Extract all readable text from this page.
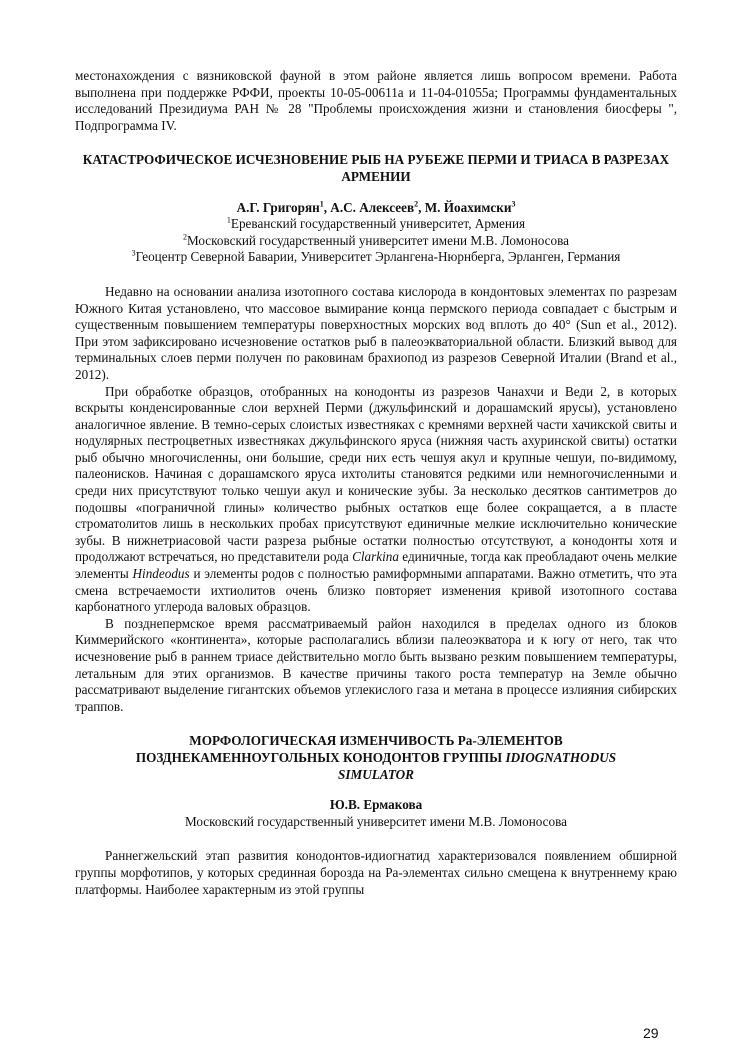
местонахождения с вязниковской фауной в этом районе является лишь вопросом времени. Работа выполнена при поддержке РФФИ, проекты 10-05-00611а и 11-04-01055а; Программы фундаментальных исследований Президиума РАН № 28 "Проблемы происхождения жизни и становления биосферы ", Подпрограмма IV.

КАТАСТРОФИЧЕСКОЕ ИСЧЕЗНОВЕНИЕ РЫБ НА РУБЕЖЕ ПЕРМИ И ТРИАСА В РАЗРЕЗАХ АРМЕНИИ

А.Г. Григорян$^1$, А.С. Алексеев$^2$, М. Йоахимски$^3$

$^1$Ереванский государственный университет, Армения

$^2$Московский государственный университет имени М.В. Ломоносова

$^3$Геоцентр Северной Баварии, Университет Эрлангена-Нюрнберга, Эрланген, Германия

Недавно на основании анализа изотопного состава кислорода в кондонтовых элементах по разрезам Южного Китая установлено, что массовое вымирание конца пермского периода совпадает с быстрым и существенным повышением температуры поверхностных морских вод вплоть до 40° (Sun et al., 2012). При этом зафиксировано исчезновение остатков рыб в палеоэкваториальной области. Близкий вывод для терминальных слоев перми получен по раковинам брахиопод из разрезов Северной Италии (Brand et al., 2012).

При обработке образцов, отобранных на конодонты из разрезов Чанахчи и Веди 2, в которых вскрыты конденсированные слои верхней Перми (джульфинский и дорашамский ярусы), установлено аналогичное явление. В темно-серых слоистых известняках с кремнями верхней части хачикской свиты и нодулярных пестроцветных известняках джульфинского яруса (нижняя часть ахуринской свиты) остатки рыб обычно многочисленны, они большие, среди них есть чешуя акул и крупные чешуи, по-видимому, палеонисков. Начиная с дорашамского яруса ихтолиты становятся редкими или немногочисленными и среди них присутствуют только чешуи акул и конические зубы. За несколько десятков сантиметров до подошвы «пограничной глины» количество рыбных остатков еще более сокращается, а в пласте строматолитов лишь в нескольких пробах присутствуют единичные мелкие исключительно конические зубы. В нижнетриасовой части разреза рыбные остатки полностью отсутствуют, а конодонты хотя и продолжают встречаться, но представители рода Clarkina единичные, тогда как преобладают очень мелкие элементы Hindeodus и элементы родов с полностью рамиформными аппаратами. Важно отметить, что эта смена встречаемости ихтиолитов очень близко повторяет изменения кривой изотопного состава карбонатного углерода валовых образцов.

В позднепермское время рассматриваемый район находился в пределах одного из блоков Киммерийского «континента», которые располагались вблизи палеоэкватора и к югу от него, так что исчезновение рыб в раннем триасе действительно могло быть вызвано резким повышением температуры, летальным для этих организмов. В качестве причины такого роста температур на Земле обычно рассматривают выделение гигантских объемов углекислого газа и метана в процессе излияния сибирских траппов.

МОРФОЛОГИЧЕСКАЯ ИЗМЕНЧИВОСТЬ Pa-ЭЛЕМЕНТОВ
ПОЗДНЕКАМЕННОУГОЛЬНЫХ КОНОДОНТОВ ГРУППЫ IDIOGNATHODUS
SIMULATOR

Ю.В. Ермакова

Московский государственный университет имени М.В. Ломоносова

Раннегжельский этап развития конодонтов-идиогнатид характеризовался появлением обширной группы морфотипов, у которых срединная борозда на Pa-элементах сильно смещена к внутреннему краю платформы. Наиболее характерным из этой группы

29
